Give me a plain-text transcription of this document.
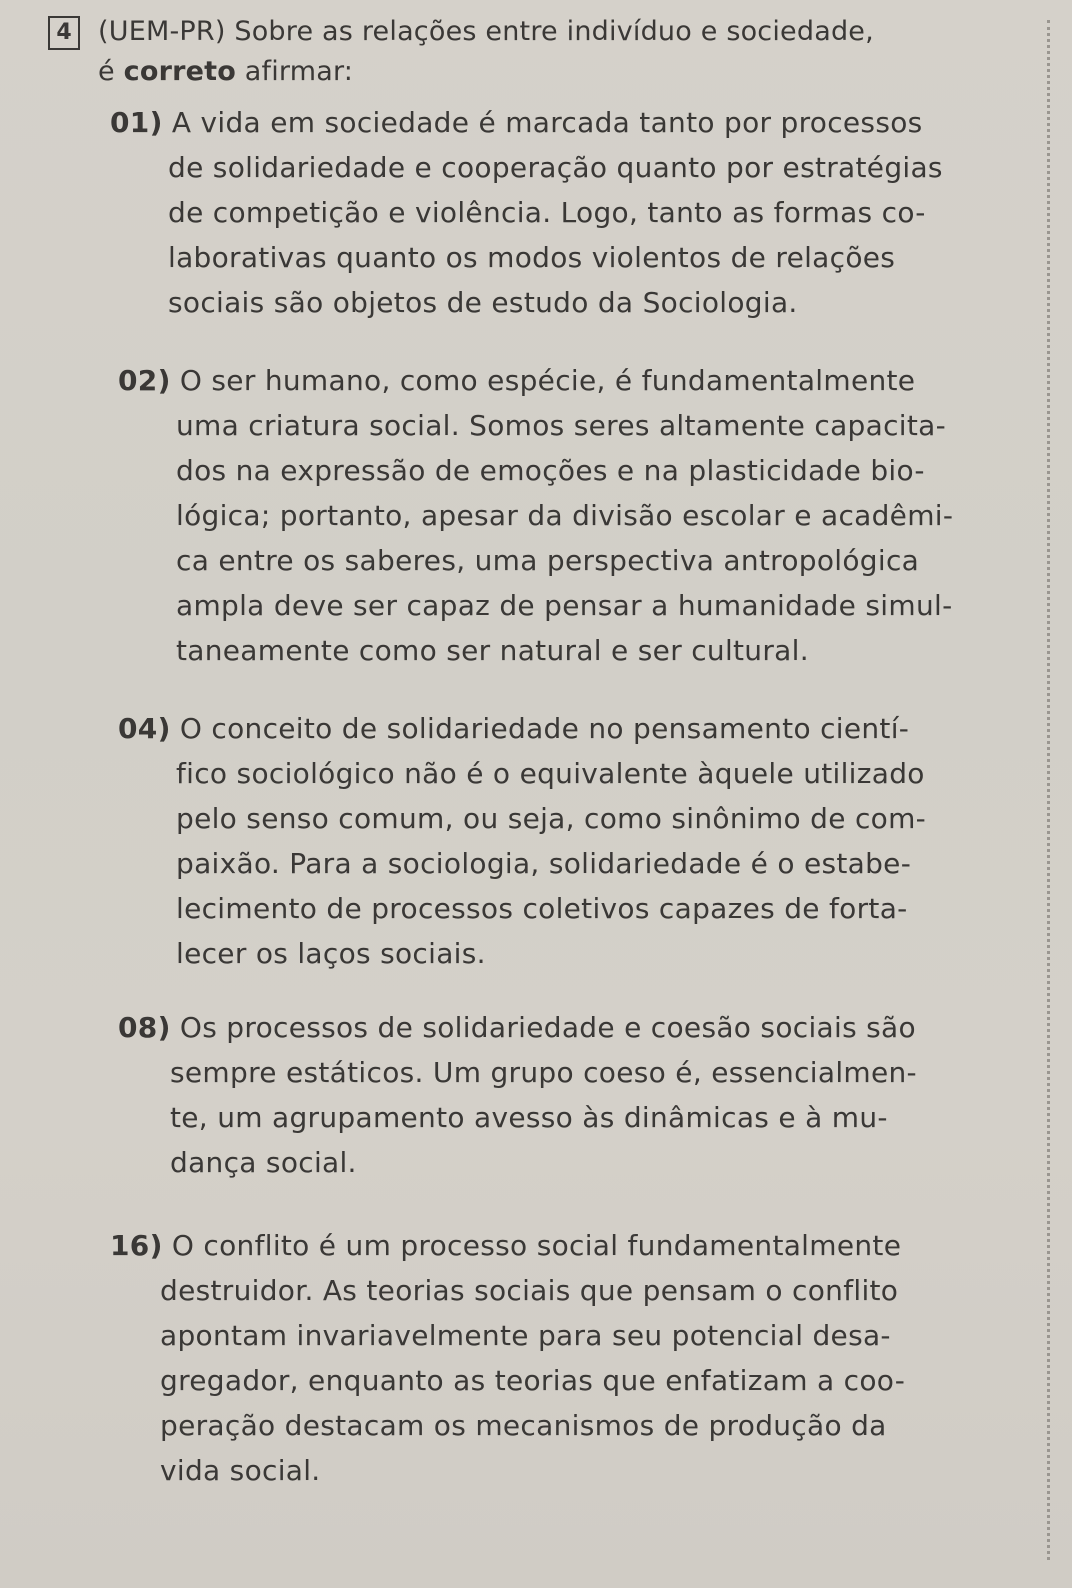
4 (UEM-PR) Sobre as relações entre indivíduo e sociedade,
é correto afirmar:
01) A vida em sociedade é marcada tanto por processos
de solidariedade e cooperação quanto por estratégias
de competição e violência. Logo, tanto as formas co-
laborativas quanto os modos violentos de relações
sociais são objetos de estudo da Sociologia.
02) O ser humano, como espécie, é fundamentalmente
uma criatura social. Somos seres altamente capacita-
dos na expressão de emoções e na plasticidade bio-
lógica; portanto, apesar da divisão escolar e acadêmi-
ca entre os saberes, uma perspectiva antropológica
ampla deve ser capaz de pensar a humanidade simul-
taneamente como ser natural e ser cultural.
04) O conceito de solidariedade no pensamento cientí-
fico sociológico não é o equivalente àquele utilizado
pelo senso comum, ou seja, como sinônimo de com-
paixão. Para a sociologia, solidariedade é o estabe-
lecimento de processos coletivos capazes de forta-
lecer os laços sociais.
08) Os processos de solidariedade e coesão sociais são
sempre estáticos. Um grupo coeso é, essencialmen-
te, um agrupamento avesso às dinâmicas e à mu-
dança social.
16) O conflito é um processo social fundamentalmente
destruidor. As teorias sociais que pensam o conflito
apontam invariavelmente para seu potencial desa-
gregador, enquanto as teorias que enfatizam a coo-
peração destacam os mecanismos de produção da
vida social.
